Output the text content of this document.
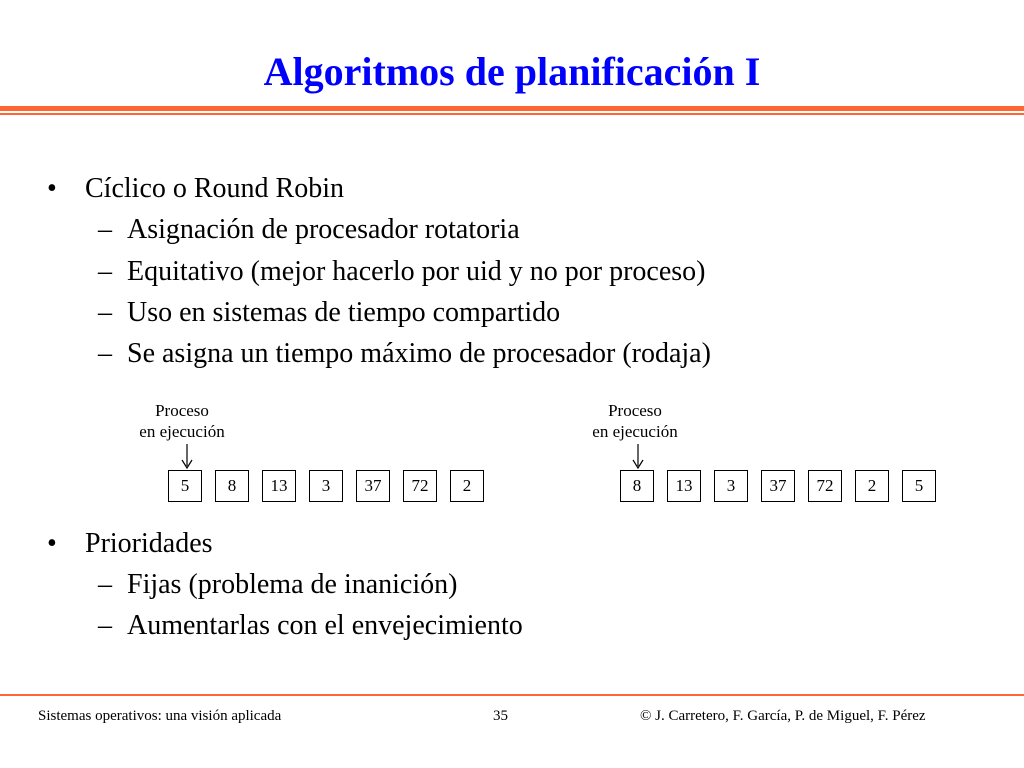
Algoritmos de planificación I
• Cíclico o Round Robin
– Asignación de procesador rotatoria
– Equitativo (mejor hacerlo por uid y no por proceso)
– Uso en sistemas de tiempo compartido
– Se asigna un tiempo máximo de procesador (rodaja)
Proceso
en ejecución
5	8	13	3	37	72	2
Proceso
en ejecución
8	13	3	37	72	2	5
• Prioridades
– Fijas (problema de inanición)
– Aumentarlas con el envejecimiento
Sistemas operativos: una visión aplicada	35	© J. Carretero, F. García, P. de Miguel, F. Pérez
